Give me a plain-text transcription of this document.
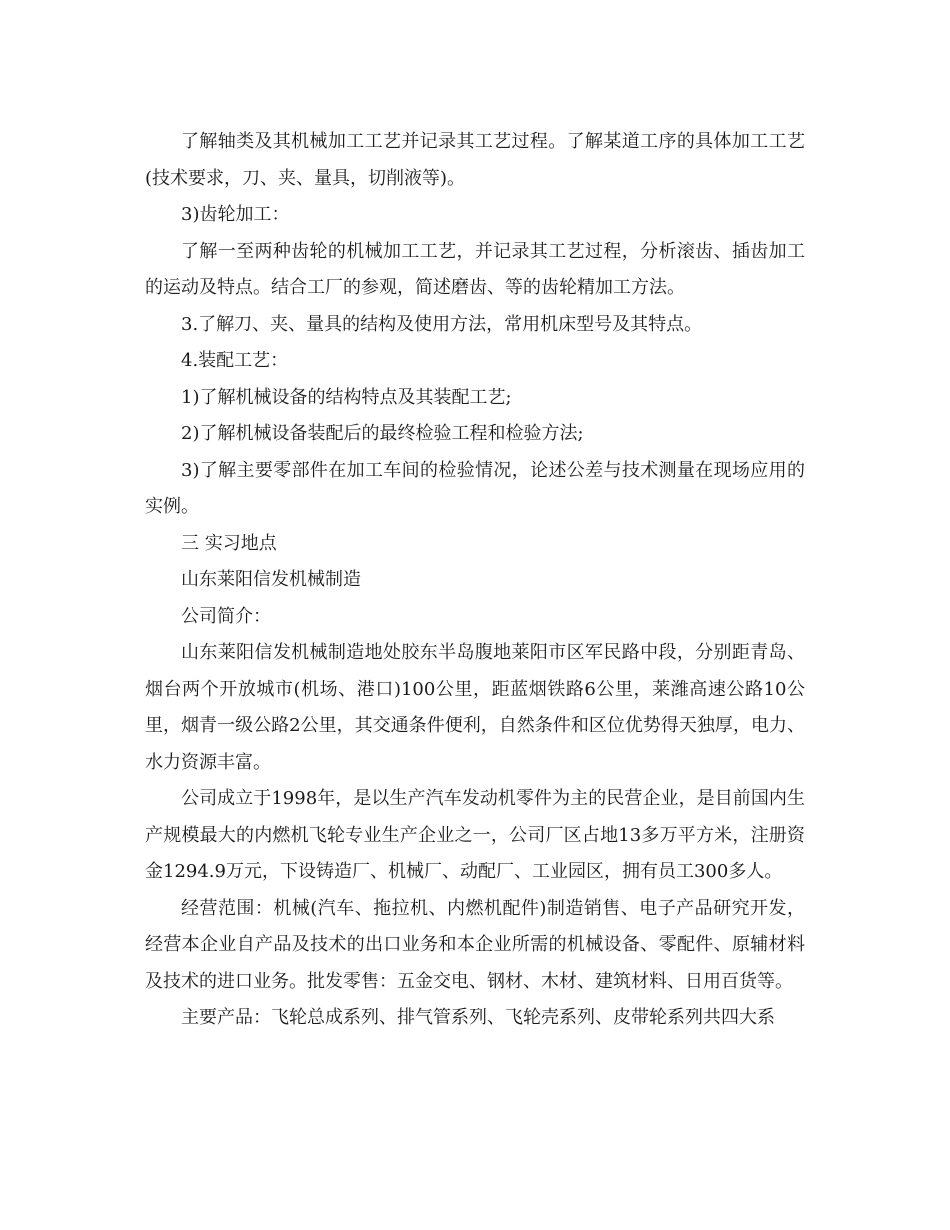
了解轴类及其机械加工工艺并记录其工艺过程。了解某道工序的具体加工工艺(技术要求，刀、夹、量具，切削液等)。

3)齿轮加工：

了解一至两种齿轮的机械加工工艺，并记录其工艺过程，分析滚齿、插齿加工的运动及特点。结合工厂的参观，简述磨齿、等的齿轮精加工方法。

3.了解刀、夹、量具的结构及使用方法，常用机床型号及其特点。

4.装配工艺：

1)了解机械设备的结构特点及其装配工艺;

2)了解机械设备装配后的最终检验工程和检验方法;

3)了解主要零部件在加工车间的检验情况，论述公差与技术测量在现场应用的实例。

三 实习地点

山东莱阳信发机械制造

公司简介：

山东莱阳信发机械制造地处胶东半岛腹地莱阳市区军民路中段，分别距青岛、烟台两个开放城市(机场、港口)100公里，距蓝烟铁路6公里，莱潍高速公路10公里，烟青一级公路2公里，其交通条件便利，自然条件和区位优势得天独厚，电力、水力资源丰富。

公司成立于1998年，是以生产汽车发动机零件为主的民营企业，是目前国内生产规模最大的内燃机飞轮专业生产企业之一，公司厂区占地13多万平方米，注册资金1294.9万元，下设铸造厂、机械厂、动配厂、工业园区，拥有员工300多人。

经营范围：机械(汽车、拖拉机、内燃机配件)制造销售、电子产品研究开发，经营本企业自产品及技术的出口业务和本企业所需的机械设备、零配件、原辅材料及技术的进口业务。批发零售：五金交电、钢材、木材、建筑材料、日用百货等。

主要产品：飞轮总成系列、排气管系列、飞轮壳系列、皮带轮系列共四大系
